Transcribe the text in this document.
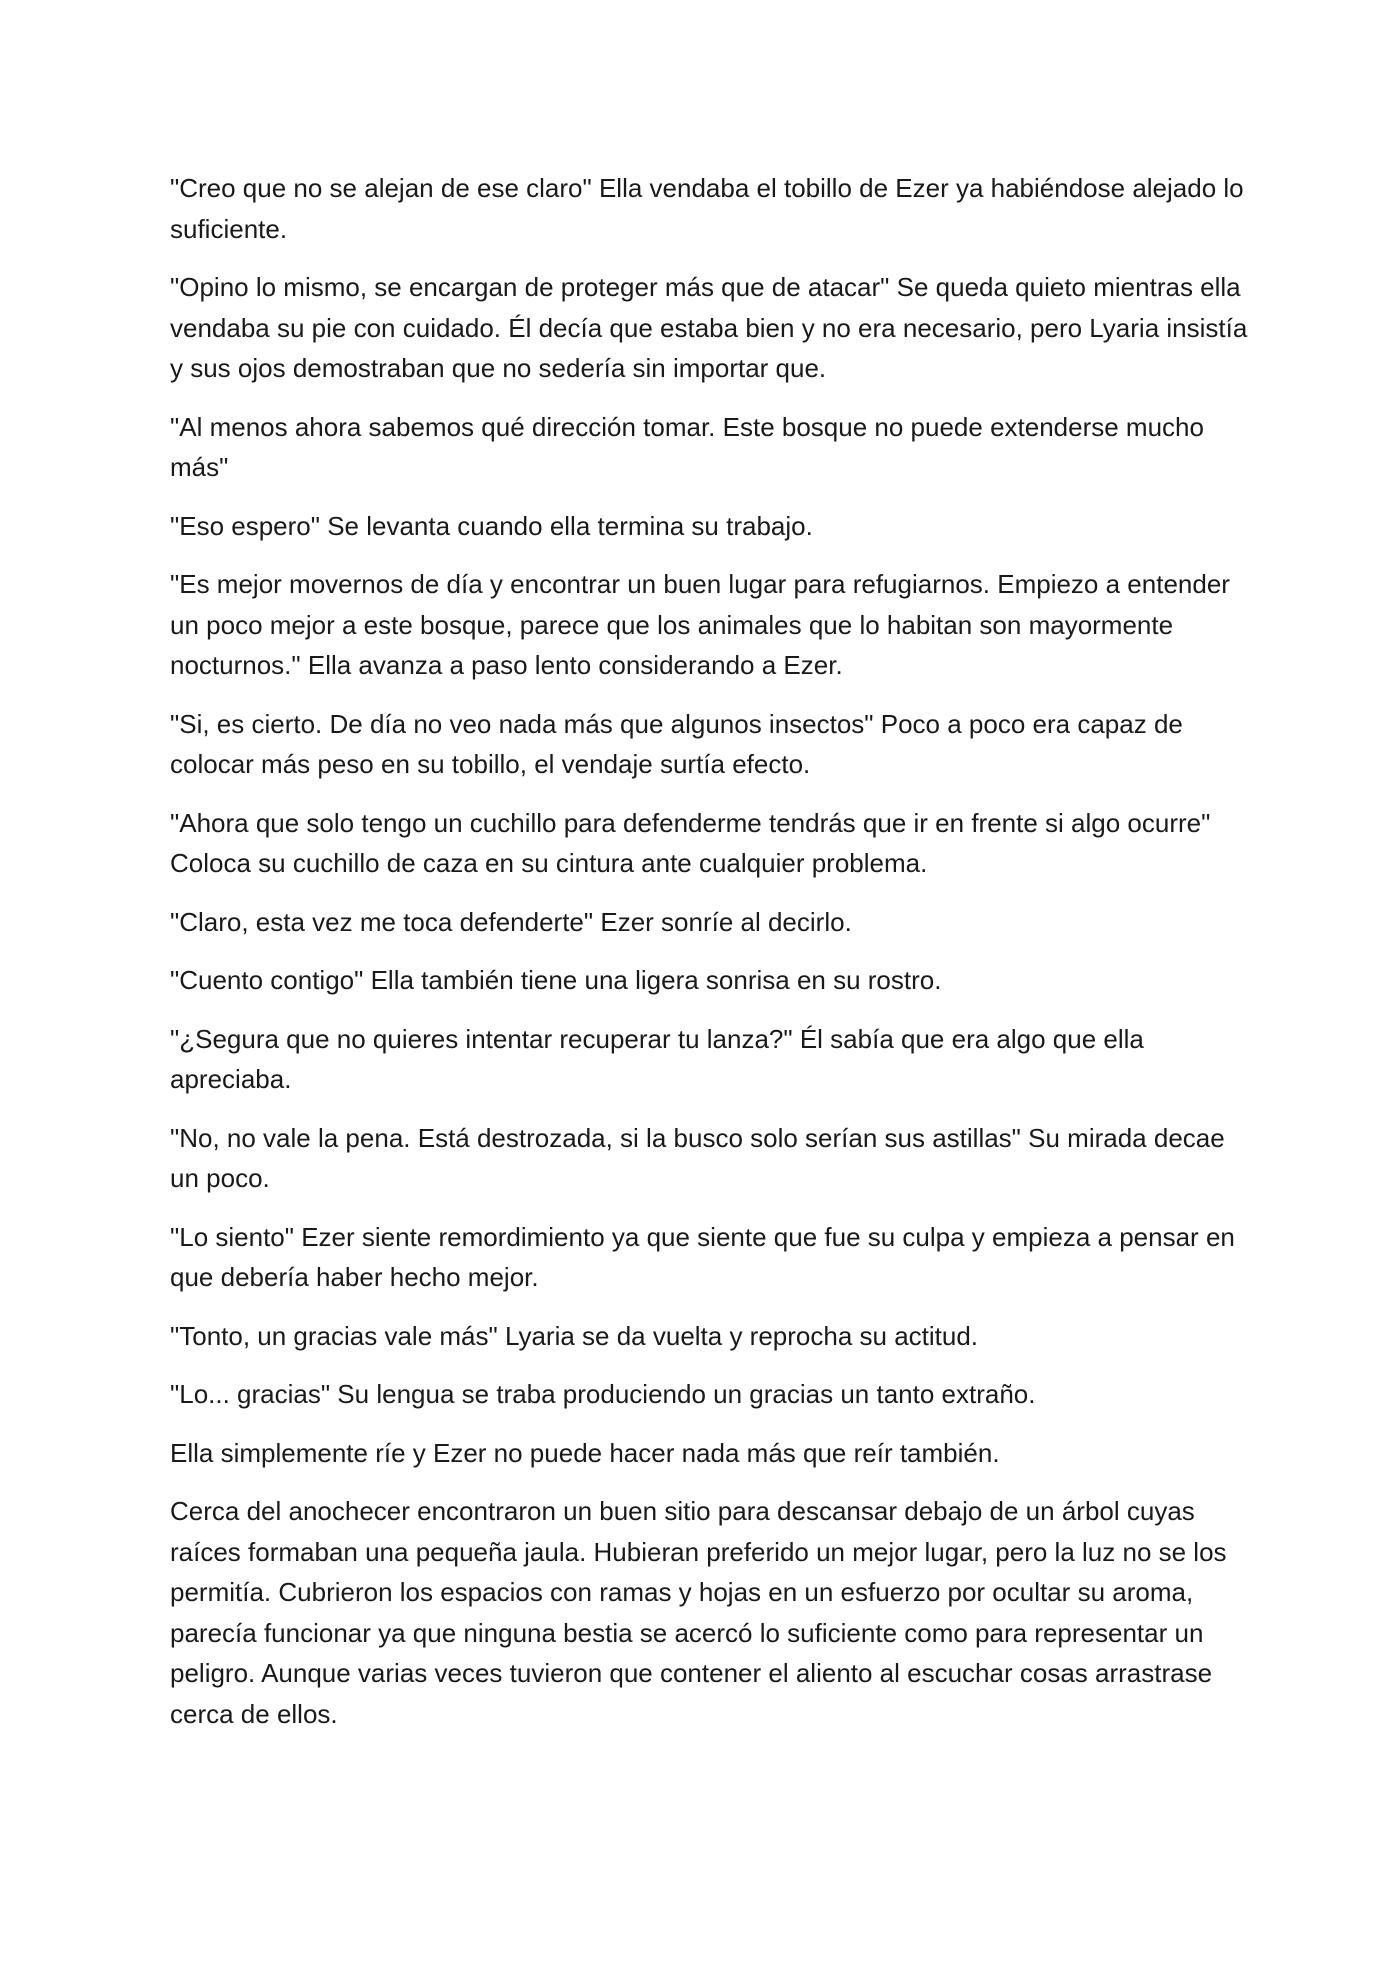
"Creo que no se alejan de ese claro" Ella vendaba el tobillo de Ezer ya habiéndose alejado lo suficiente.

"Opino lo mismo, se encargan de proteger más que de atacar" Se queda quieto mientras ella vendaba su pie con cuidado. Él decía que estaba bien y no era necesario, pero Lyaria insistía y sus ojos demostraban que no sedería sin importar que.

"Al menos ahora sabemos qué dirección tomar. Este bosque no puede extenderse mucho más"

"Eso espero" Se levanta cuando ella termina su trabajo.

"Es mejor movernos de día y encontrar un buen lugar para refugiarnos. Empiezo a entender un poco mejor a este bosque, parece que los animales que lo habitan son mayormente nocturnos." Ella avanza a paso lento considerando a Ezer.

"Si, es cierto. De día no veo nada más que algunos insectos" Poco a poco era capaz de colocar más peso en su tobillo, el vendaje surtía efecto.

"Ahora que solo tengo un cuchillo para defenderme tendrás que ir en frente si algo ocurre" Coloca su cuchillo de caza en su cintura ante cualquier problema.

"Claro, esta vez me toca defenderte" Ezer sonríe al decirlo.

"Cuento contigo" Ella también tiene una ligera sonrisa en su rostro.

"¿Segura que no quieres intentar recuperar tu lanza?" Él sabía que era algo que ella apreciaba.

"No, no vale la pena. Está destrozada, si la busco solo serían sus astillas" Su mirada decae un poco.

"Lo siento" Ezer siente remordimiento ya que siente que fue su culpa y empieza a pensar en que debería haber hecho mejor.

"Tonto, un gracias vale más" Lyaria se da vuelta y reprocha su actitud.

"Lo... gracias" Su lengua se traba produciendo un gracias un tanto extraño.

Ella simplemente ríe y Ezer no puede hacer nada más que reír también.

Cerca del anochecer encontraron un buen sitio para descansar debajo de un árbol cuyas raíces formaban una pequeña jaula. Hubieran preferido un mejor lugar, pero la luz no se los permitía. Cubrieron los espacios con ramas y hojas en un esfuerzo por ocultar su aroma, parecía funcionar ya que ninguna bestia se acercó lo suficiente como para representar un peligro. Aunque varias veces tuvieron que contener el aliento al escuchar cosas arrastrase cerca de ellos.
